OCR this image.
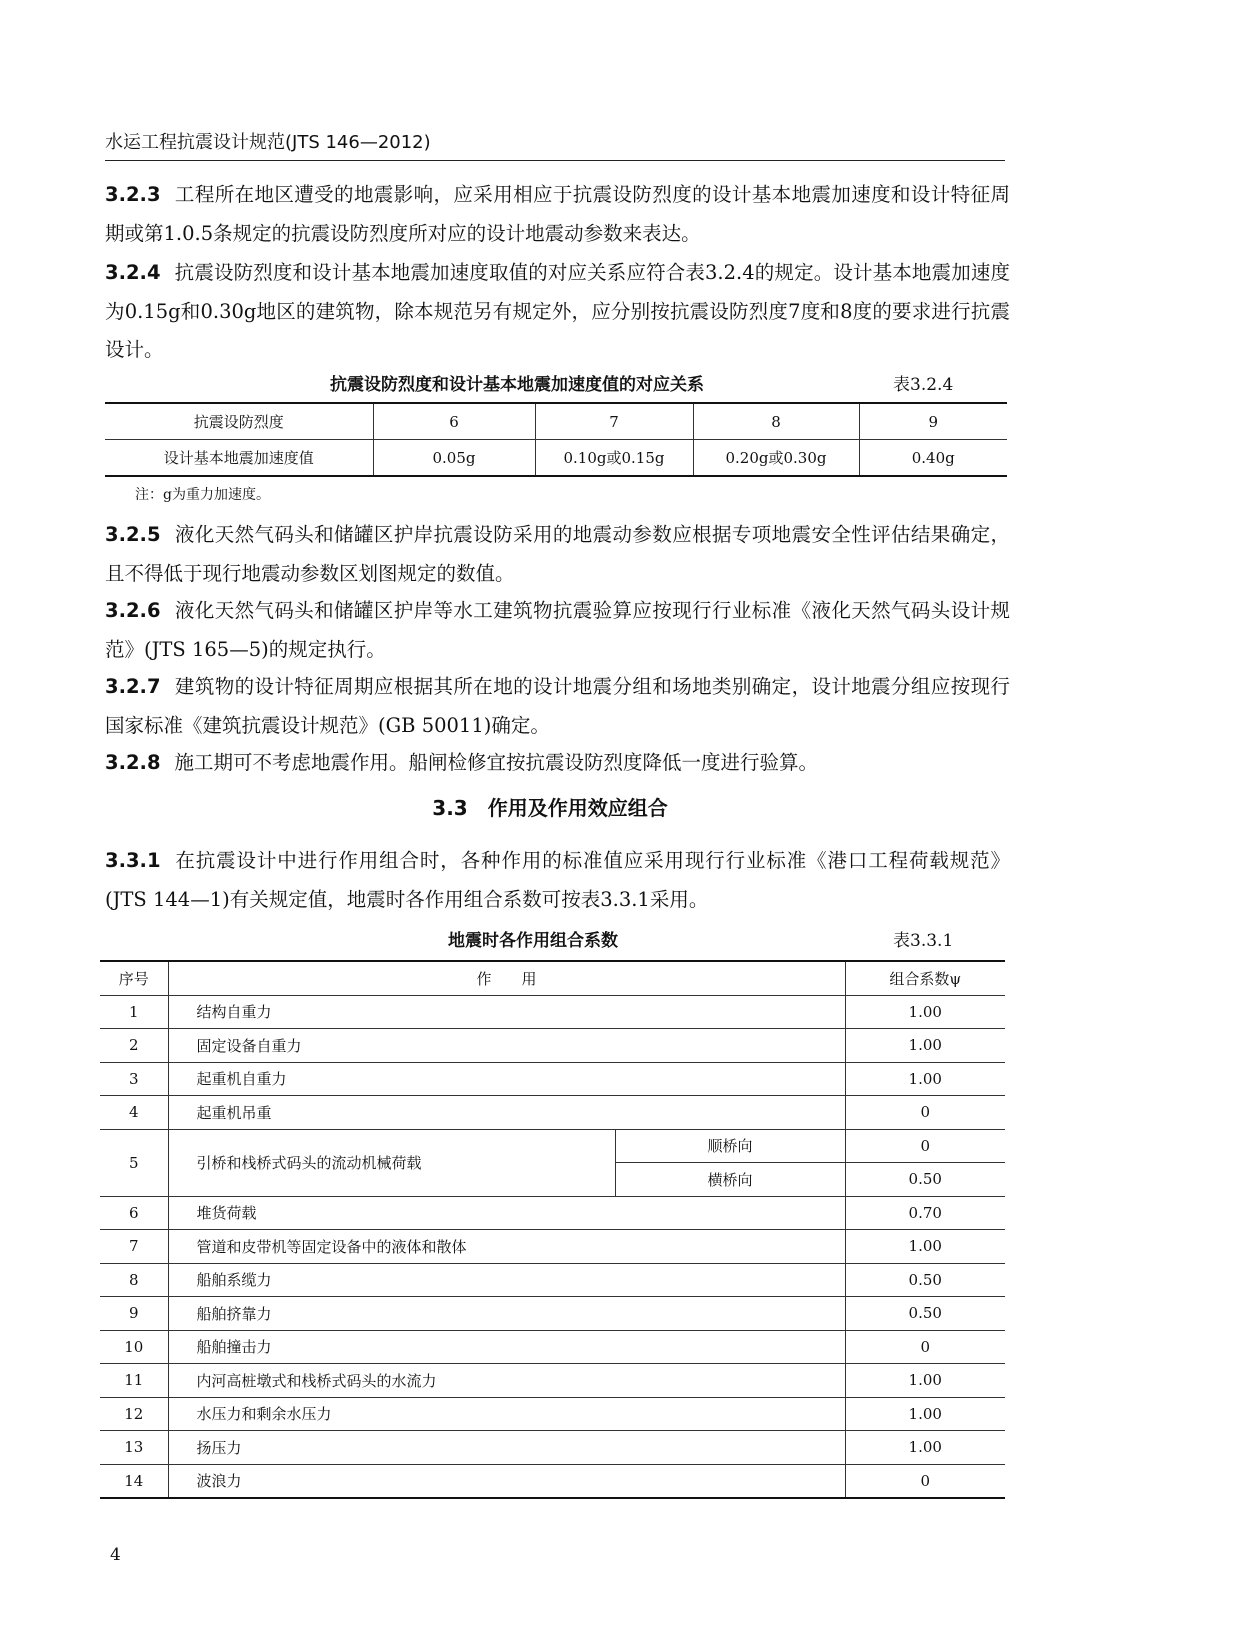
水运工程抗震设计规范(JTS 146—2012)
3.2.3 工程所在地区遭受的地震影响，应采用相应于抗震设防烈度的设计基本地震加速度和设计特征周期或第1.0.5条规定的抗震设防烈度所对应的设计地震动参数来表达。
3.2.4 抗震设防烈度和设计基本地震加速度取值的对应关系应符合表3.2.4的规定。设计基本地震加速度为0.15g和0.30g地区的建筑物，除本规范另有规定外，应分别按抗震设防烈度7度和8度的要求进行抗震设计。
抗震设防烈度和设计基本地震加速度值的对应关系	表3.2.4
抗震设防烈度	6	7	8	9
设计基本地震加速度值	0.05g	0.10g或0.15g	0.20g或0.30g	0.40g
注：g为重力加速度。
3.2.5 液化天然气码头和储罐区护岸抗震设防采用的地震动参数应根据专项地震安全性评估结果确定，且不得低于现行地震动参数区划图规定的数值。
3.2.6 液化天然气码头和储罐区护岸等水工建筑物抗震验算应按现行行业标准《液化天然气码头设计规范》(JTS 165—5)的规定执行。
3.2.7 建筑物的设计特征周期应根据其所在地的设计地震分组和场地类别确定，设计地震分组应按现行国家标准《建筑抗震设计规范》(GB 50011)确定。
3.2.8 施工期可不考虑地震作用。船闸检修宜按抗震设防烈度降低一度进行验算。
3.3　作用及作用效应组合
3.3.1 在抗震设计中进行作用组合时，各种作用的标准值应采用现行行业标准《港口工程荷载规范》(JTS 144—1)有关规定值，地震时各作用组合系数可按表3.3.1采用。
地震时各作用组合系数	表3.3.1
序号	作　　用		组合系数ψ
1	结构自重力		1.00
2	固定设备自重力		1.00
3	起重机自重力		1.00
4	起重机吊重		0
5	引桥和栈桥式码头的流动机械荷载	顺桥向	0
		横桥向	0.50
6	堆货荷载		0.70
7	管道和皮带机等固定设备中的液体和散体		1.00
8	船舶系缆力		0.50
9	船舶挤靠力		0.50
10	船舶撞击力		0
11	内河高桩墩式和栈桥式码头的水流力		1.00
12	水压力和剩余水压力		1.00
13	扬压力		1.00
14	波浪力		0
4
